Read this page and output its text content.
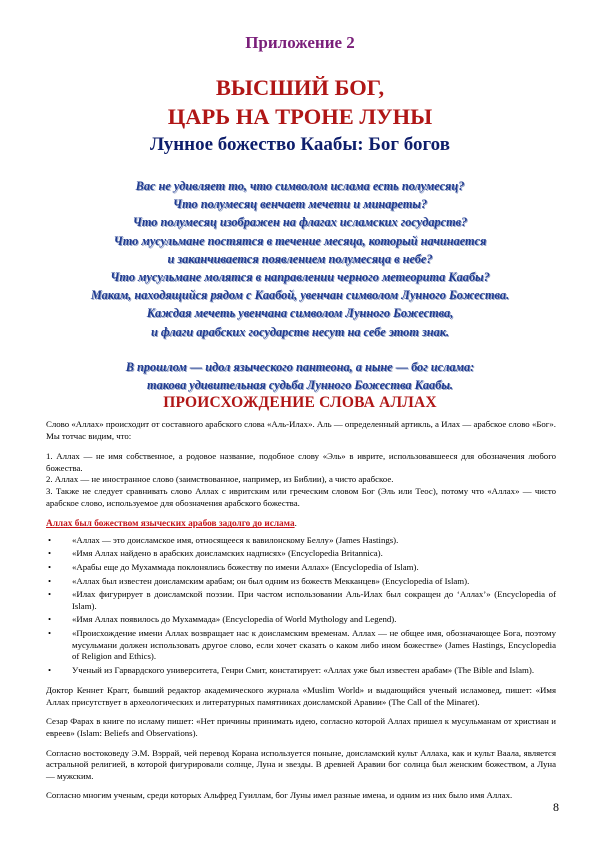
Приложение 2
ВЫСШИЙ БОГ,
ЦАРЬ НА ТРОНЕ ЛУНЫ
Лунное божество Каабы: Бог богов
Вас не удивляет то, что символом ислама есть полумесяц?
Что полумесяц венчает мечети и минареты?
Что полумесяц изображен на флагах исламских государств?
Что мусульмане постятся в течение месяца, который начинается
и заканчивается появлением полумесяца в небе?
Что мусульмане молятся в направлении черного метеорита Каабы?
Макам, находящийся рядом с Каабой, увенчан символом Лунного Божества.
Каждая мечеть увенчана символом Лунного Божества,
и флаги арабских государств несут на себе этот знак.
В прошлом — идол языческого пантеона, а ныне — бог ислама:
такова удивительная судьба Лунного Божества Каабы.
ПРОИСХОЖДЕНИЕ СЛОВА АЛЛАХ

Слово «Аллах» происходит от составного арабского слова «Аль-Илах». Аль — определенный артикль, а Илах — арабское слово «Бог». Мы тотчас видим, что:

1. Аллах — не имя собственное, а родовое название, подобное слову «Эль» в иврите, использовавшееся для обозначения любого божества.

2. Аллах — не иностранное слово (заимствованное, например, из Библии), а чисто арабское.

3. Также не следует сравнивать слово Аллах с ивритским или греческим словом Бог (Эль или Теос), потому что «Аллах» — чисто арабское слово, используемое для обозначения арабского божества.

Аллах был божеством языческих арабов задолго до ислама.

• «Аллах — это доисламское имя, относящееся к вавилонскому Беллу» (James Hastings).
• «Имя Аллах найдено в арабских доисламских надписях» (Encyclopedia Britannica).
• «Арабы еще до Мухаммада поклонялись божеству по имени Аллах» (Encyclopedia of Islam).
• «Аллах был известен доисламским арабам; он был одним из божеств Мекканцев» (Encyclopedia of Islam).
• «Илах фигурирует в доисламской поэзии. При частом использовании Аль-Илах был сокращен до ‘Аллах’» (Encyclopedia of Islam).
• «Имя Аллах появилось до Мухаммада» (Encyclopedia of World Mythology and Legend).
• «Происхождение имени Аллах возвращает нас к доисламским временам. Аллах — не общее имя, обозначающее Бога, поэтому мусульмани должен использовать другое слово, если хочет сказать о каком либо ином божестве» (James Hastings, Encyclopedia of Religion and Ethics).
• Ученый из Гарвардского университета, Генри Смит, констатирует: «Аллах уже был известен арабам» (The Bible and Islam).

Доктор Кеннет Крагг, бывший редактор академического журнала «Muslim World» и выдающийся ученый исламовед, пишет: «Имя Аллах присутствует в археологических и литературных памятниках доисламской Аравии» (The Call of the Minaret).

Сезар Фарах в книге по исламу пишет: «Нет причины принимать идею, согласно которой Аллах пришел к мусульманам от христиан и евреев» (Islam: Beliefs and Observations).

Согласно востоковеду Э.М. Вэррай, чей перевод Корана используется поныне, доисламский культ Аллаха, как и культ Ваала, является астральной религией, в которой фигурировали солнце, Луна и звезды. В древней Аравии бог солнца был женским божеством, а Луна — мужским.

Согласно многим ученым, среди которых Альфред Гуиллам, бог Луны имел разные имена, и одним из них было имя Аллах.

8
